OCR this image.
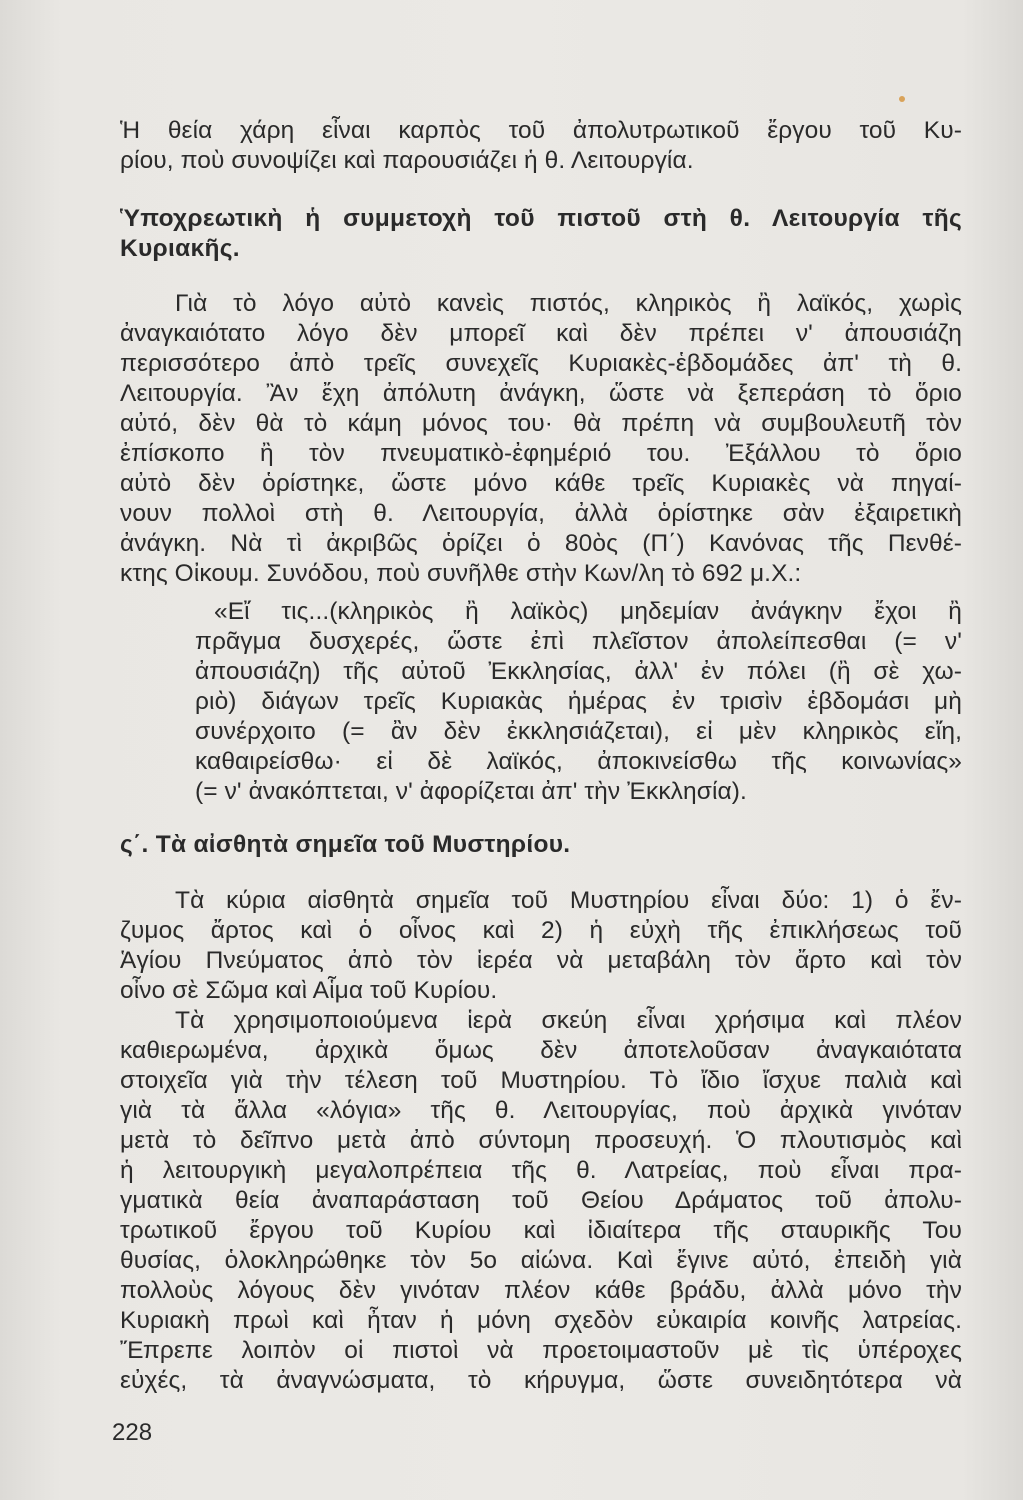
Ἡ θεία χάρη εἶναι καρπὸς τοῦ ἀπολυτρωτικοῦ ἔργου τοῦ Κυ-

ρίου, ποὺ συνοψίζει καὶ παρουσιάζει ἡ θ. Λειτουργία.

Ὑποχρεωτικὴ ἡ συμμετοχὴ τοῦ πιστοῦ στὴ θ. Λειτουργία τῆς

Κυριακῆς.

Γιὰ τὸ λόγο αὐτὸ κανεὶς πιστός, κληρικὸς ἢ λαϊκός, χωρὶς

ἀναγκαιότατο λόγο δὲν μπορεῖ καὶ δὲν πρέπει ν' ἀπουσιάζη

περισσότερο ἀπὸ τρεῖς συνεχεῖς Κυριακὲς-ἑβδομάδες ἀπ' τὴ θ.

Λειτουργία. Ἂν ἔχη ἀπόλυτη ἀνάγκη, ὥστε νὰ ξεπεράση τὸ ὅριο

αὐτό, δὲν θὰ τὸ κάμη μόνος του· θὰ πρέπη νὰ συμβουλευτῆ τὸν

ἐπίσκοπο ἢ τὸν πνευματικὸ-ἐφημέριό του. Ἐξάλλου τὸ ὅριο

αὐτὸ δὲν ὁρίστηκε, ὥστε μόνο κάθε τρεῖς Κυριακὲς νὰ πηγαί-

νουν πολλοὶ στὴ θ. Λειτουργία, ἀλλὰ ὁρίστηκε σὰν ἐξαιρετικὴ

ἀνάγκη. Νὰ τὶ ἀκριβῶς ὁρίζει ὁ 80ὸς (Π΄) Κανόνας τῆς Πενθέ-

κτης Οἰκουμ. Συνόδου, ποὺ συνῆλθε στὴν Κων/λη τὸ 692 μ.Χ.:

«Εἴ τις...(κληρικὸς ἢ λαϊκὸς) μηδεμίαν ἀνάγκην ἔχοι ἢ

πρᾶγμα δυσχερές, ὥστε ἐπὶ πλεῖστον ἀπολείπεσθαι (= ν'

ἀπουσιάζη) τῆς αὐτοῦ Ἐκκλησίας, ἀλλ' ἐν πόλει (ἢ σὲ χω-

ριὸ) διάγων τρεῖς Κυριακὰς ἡμέρας ἐν τρισὶν ἑβδομάσι μὴ

συνέρχοιτο (= ἂν δὲν ἐκκλησιάζεται), εἰ μὲν κληρικὸς εἴη,

καθαιρείσθω· εἰ δὲ λαϊκός, ἀποκινείσθω τῆς κοινωνίας»

(= ν' ἀνακόπτεται, ν' ἀφορίζεται ἀπ' τὴν Ἐκκλησία).

ς΄. Τὰ αἰσθητὰ σημεῖα τοῦ Μυστηρίου.

Τὰ κύρια αἰσθητὰ σημεῖα τοῦ Μυστηρίου εἶναι δύο: 1) ὁ ἔν-

ζυμος ἄρτος καὶ ὁ οἶνος καὶ 2) ἡ εὐχὴ τῆς ἐπικλήσεως τοῦ

Ἁγίου Πνεύματος ἀπὸ τὸν ἱερέα νὰ μεταβάλη τὸν ἄρτο καὶ τὸν

οἶνο σὲ Σῶμα καὶ Αἷμα τοῦ Κυρίου.

Τὰ χρησιμοποιούμενα ἱερὰ σκεύη εἶναι χρήσιμα καὶ πλέον

καθιερωμένα, ἀρχικὰ ὅμως δὲν ἀποτελοῦσαν ἀναγκαιότατα

στοιχεῖα γιὰ τὴν τέλεση τοῦ Μυστηρίου. Τὸ ἴδιο ἴσχυε παλιὰ καὶ

γιὰ τὰ ἄλλα «λόγια» τῆς θ. Λειτουργίας, ποὺ ἀρχικὰ γινόταν

μετὰ τὸ δεῖπνο μετὰ ἀπὸ σύντομη προσευχή. Ὁ πλουτισμὸς καὶ

ἡ λειτουργικὴ μεγαλοπρέπεια τῆς θ. Λατρείας, ποὺ εἶναι πρα-

γματικὰ θεία ἀναπαράσταση τοῦ Θείου Δράματος τοῦ ἀπολυ-

τρωτικοῦ ἔργου τοῦ Κυρίου καὶ ἰδιαίτερα τῆς σταυρικῆς Του

θυσίας, ὁλοκληρώθηκε τὸν 5ο αἰώνα. Καὶ ἔγινε αὐτό, ἐπειδὴ γιὰ

πολλοὺς λόγους δὲν γινόταν πλέον κάθε βράδυ, ἀλλὰ μόνο τὴν

Κυριακὴ πρωὶ καὶ ἦταν ἡ μόνη σχεδὸν εὐκαιρία κοινῆς λατρείας.

Ἔπρεπε λοιπὸν οἱ πιστοὶ νὰ προετοιμαστοῦν μὲ τὶς ὑπέροχες

εὐχές, τὰ ἀναγνώσματα, τὸ κήρυγμα, ὥστε συνειδητότερα νὰ

228
